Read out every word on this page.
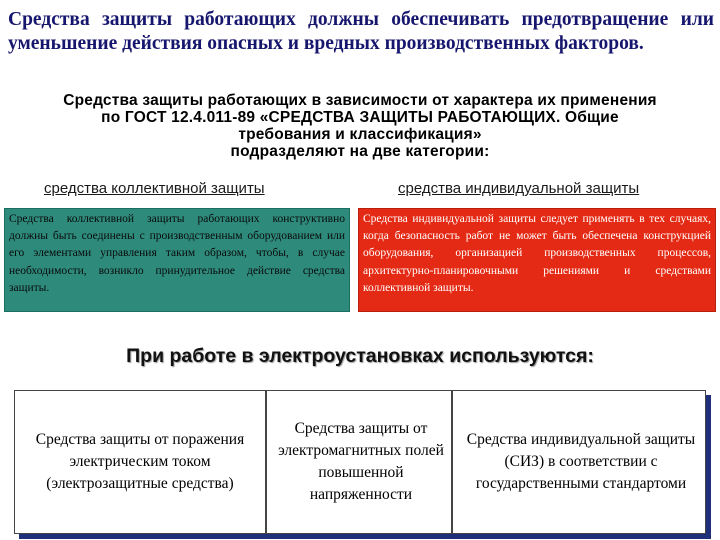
Средства защиты работающих должны обеспечивать предотвращение или уменьшение действия опасных и вредных производственных факторов.
Средства защиты работающих в зависимости от характера их применения
по ГОСТ 12.4.011-89 «СРЕДСТВА ЗАЩИТЫ РАБОТАЮЩИХ. Общие
требования и классификация»
подразделяют на две категории:
средства коллективной защиты	средства индивидуальной защиты
Средства коллективной защиты работающих конструктивно должны быть соединены с производственным оборудованием или его элементами управления таким образом, чтобы, в случае необходимости, возникло принудительное действие средства защиты.
Средства индивидуальной защиты следует применять в тех случаях, когда безопасность работ не может быть обеспечена конструкцией оборудования, организацией производственных процессов, архитектурно-планировочными решениями и средствами коллективной защиты.
При работе в электроустановках используются:
Средства защиты от поражения электрическим током (электрозащитные средства)
Средства защиты от электромагнитных полей повышенной напряженности
Средства индивидуальной защиты (СИЗ) в соответствии с государственными стандартоми
